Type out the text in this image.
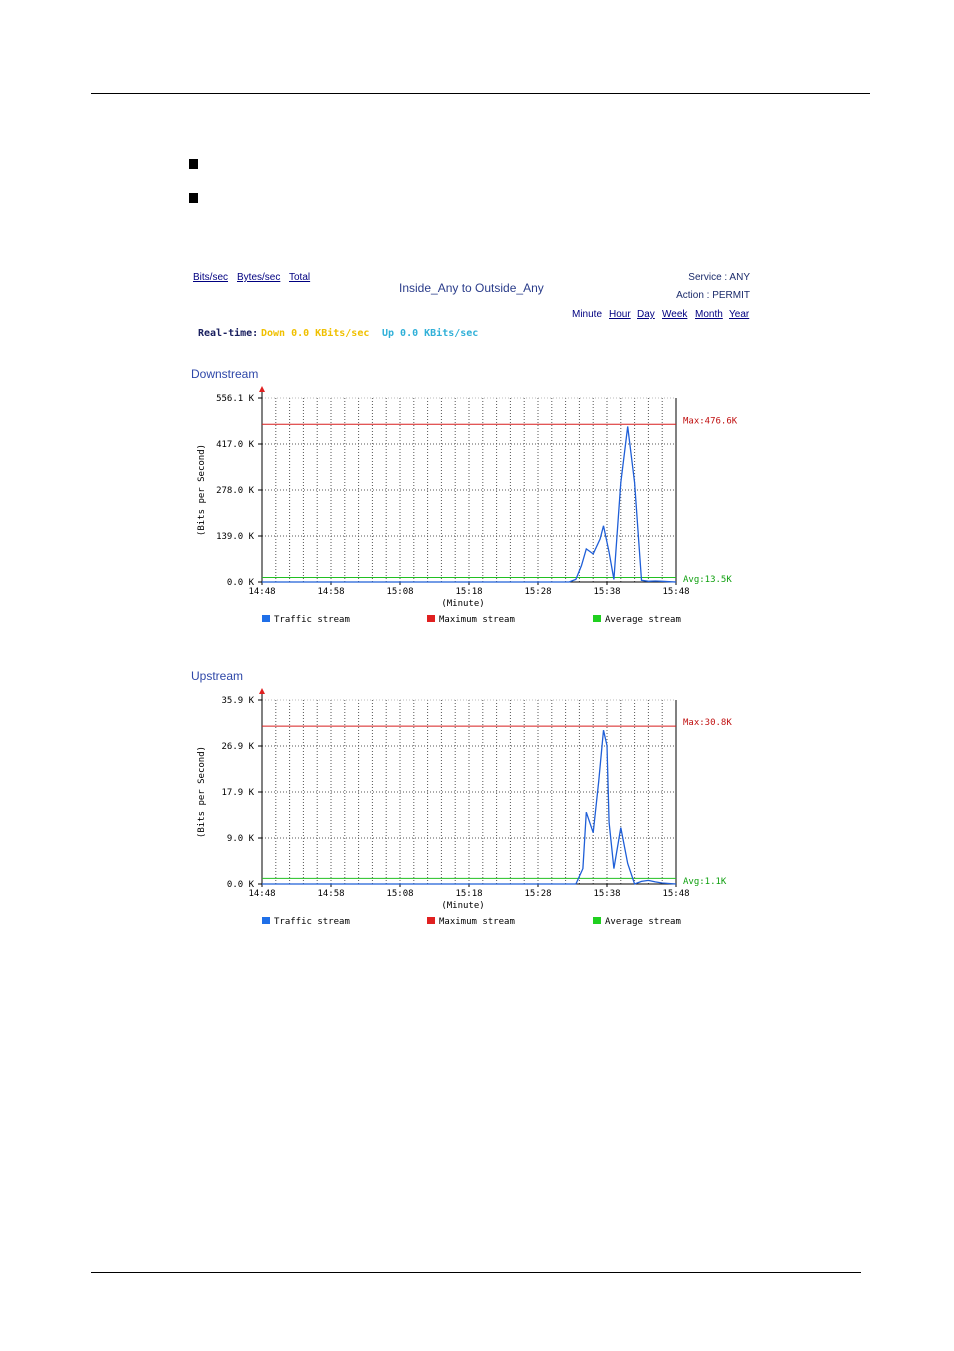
Bits/sec Bytes/sec Total
Inside_Any to Outside_Any
Service : ANY
Action : PERMIT
Minute Hour Day Week Month Year
Real-time: Down 0.0 KBits/sec Up 0.0 KBits/sec
Downstream
556.1 K
417.0 K
278.0 K
139.0 K
0.0 K
14:48	14:58	15:08	15:18	15:28	15:38	15:48
(Minute)
(Bits per Second)
Avg:13.5K
Max:476.6K
Traffic stream	Maximum stream	Average stream
Upstream
35.9 K
26.9 K
17.9 K
9.0 K
0.0 K
14:48	14:58	15:08	15:18	15:28	15:38	15:48
(Minute)
(Bits per Second)
Avg:1.1K
Max:30.8K
Traffic stream	Maximum stream	Average stream
